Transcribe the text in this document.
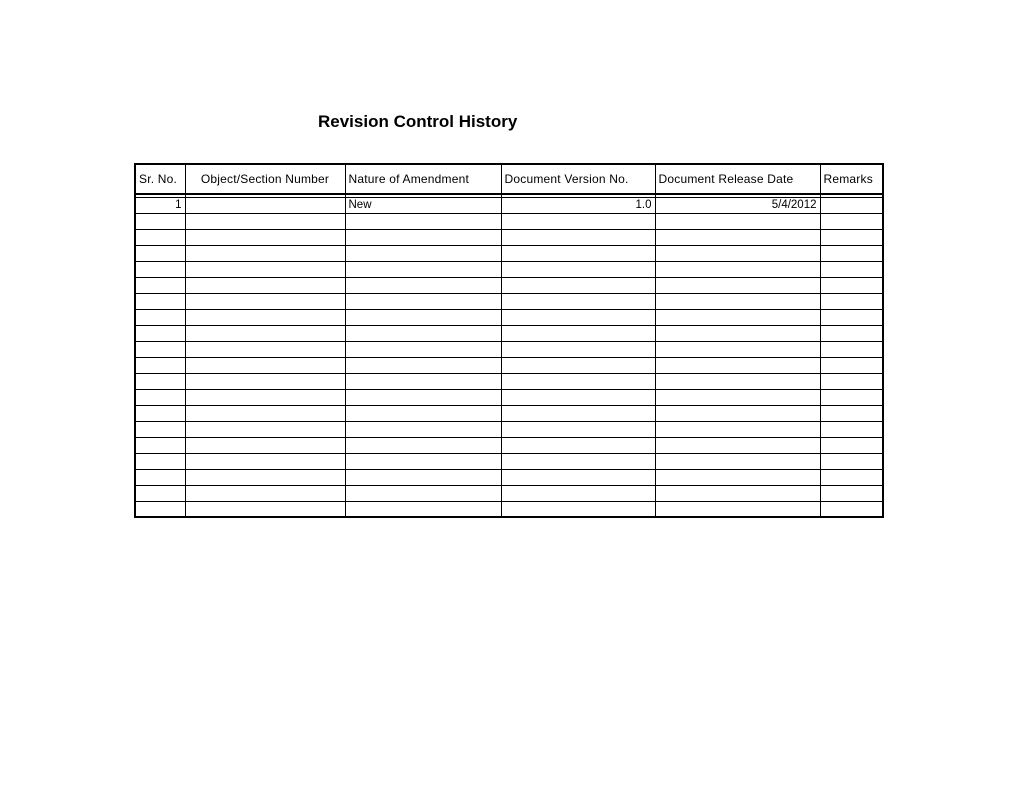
Revision Control History
Sr. No.	Object/Section Number	Nature of Amendment	Document Version No.	Document Release Date	Remarks

1		New	1.0	5/4/2012	
